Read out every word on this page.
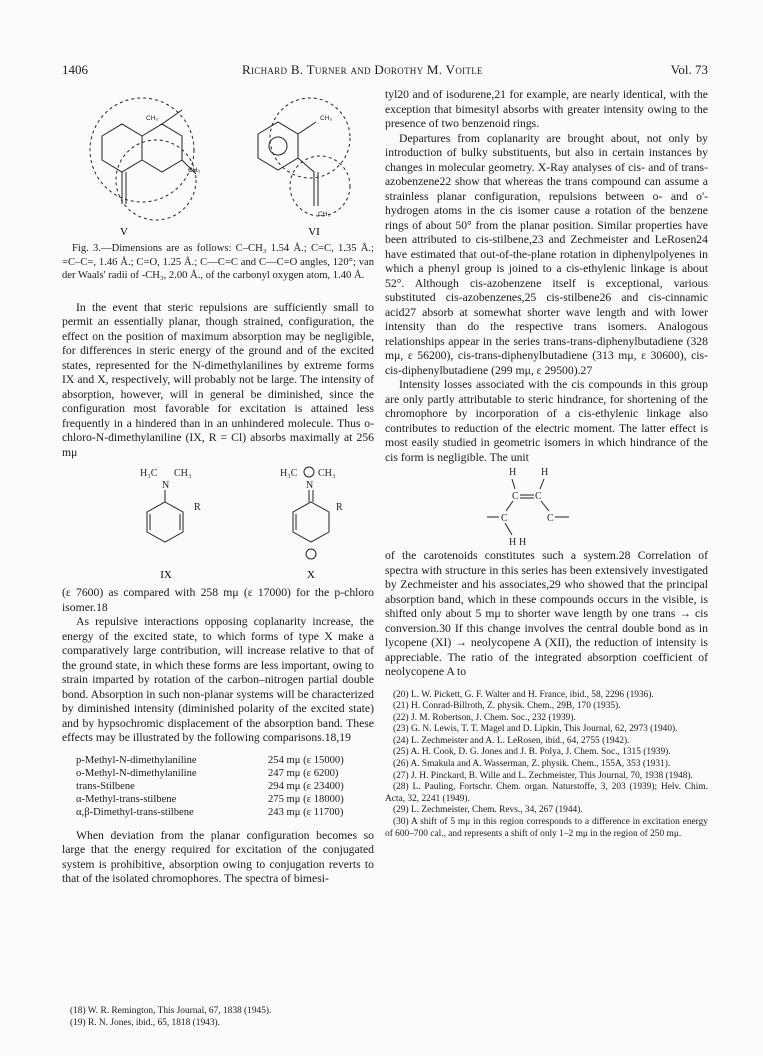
1406	Richard B. Turner and Dorothy M. Voitle	Vol. 73
CH₃
CH₃
CH₃
CH₃
V	VI

Fig. 3.—Dimensions are as follows: C–CH₃ 1.54 Å.; C=C, 1.35 Å.; =C–C=, 1.46 Å.; C=O, 1.25 Å.; C—C=C and C—C=O angles, 120°; van der Waals' radii of -CH₃, 2.00 Å., of the carbonyl oxygen atom, 1.40 Å.

In the event that steric repulsions are sufficiently small to permit an essentially planar, though strained, configuration, the effect on the position of maximum absorption may be negligible, for differences in steric energy of the ground and of the excited states, represented for the N-dimethylanilines by extreme forms IX and X, respectively, will probably not be large. The intensity of absorption, however, will in general be diminished, since the configuration most favorable for excitation is attained less frequently in a hindered than in an unhindered molecule. Thus o-chloro-N-dimethylaniline (IX, R = Cl) absorbs maximally at 256 mμ

H₃C CH₃
N
R
H₃C CH₃
N
R
IX	X

(ε 7600) as compared with 258 mμ (ε 17000) for the p-chloro isomer.18

As repulsive interactions opposing coplanarity increase, the energy of the excited state, to which forms of type X make a comparatively large contribution, will increase relative to that of the ground state, in which these forms are less important, owing to strain imparted by rotation of the carbon–nitrogen partial double bond. Absorption in such non-planar systems will be characterized by diminished intensity (diminished polarity of the excited state) and by hypsochromic displacement of the absorption band. These effects may be illustrated by the following comparisons.18,19

p-Methyl-N-dimethylaniline	254 mμ (ε 15000)
o-Methyl-N-dimethylaniline	247 mμ (ε 6200)
trans-Stilbene	294 mμ (ε 23400)
α-Methyl-trans-stilbene	275 mμ (ε 18000)
α,β-Dimethyl-trans-stilbene	243 mμ (ε 11700)

When deviation from the planar configuration becomes so large that the energy required for excitation of the conjugated system is prohibitive, absorption owing to conjugation reverts to that of the isolated chromophores. The spectra of bimesi-

(18) W. R. Remington, This Journal, 67, 1838 (1945).
(19) R. N. Jones, ibid., 65, 1818 (1943).

tyl20 and of isodurene,21 for example, are nearly identical, with the exception that bimesityl absorbs with greater intensity owing to the presence of two benzenoid rings.

Departures from coplanarity are brought about, not only by introduction of bulky substituents, but also in certain instances by changes in molecular geometry. X-Ray analyses of cis- and of trans-azobenzene22 show that whereas the trans compound can assume a strainless planar configuration, repulsions between o- and o'-hydrogen atoms in the cis isomer cause a rotation of the benzene rings of about 50° from the planar position. Similar properties have been attributed to cis-stilbene,23 and Zechmeister and LeRosen24 have estimated that out-of-the-plane rotation in diphenylpolyenes in which a phenyl group is joined to a cis-ethylenic linkage is about 52°. Although cis-azobenzene itself is exceptional, various substituted cis-azobenzenes,25 cis-stilbene26 and cis-cinnamic acid27 absorb at somewhat shorter wave length and with lower intensity than do the respective trans isomers. Analogous relationships appear in the series trans-trans-diphenylbutadiene (328 mμ, ε 56200), cis-trans-diphenylbutadiene (313 mμ, ε 30600), cis-cis-diphenylbutadiene (299 mμ, ε 29500).27

Intensity losses associated with the cis compounds in this group are only partly attributable to steric hindrance, for shortening of the chromophore by incorporation of a cis-ethylenic linkage also contributes to reduction of the electric moment. The latter effect is most easily studied in geometric isomers in which hindrance of the cis form is negligible. The unit

H H
C C
C	C
H H

of the carotenoids constitutes such a system.28 Correlation of spectra with structure in this series has been extensively investigated by Zechmeister and his associates,29 who showed that the principal absorption band, which in these compounds occurs in the visible, is shifted only about 5 mμ to shorter wave length by one trans → cis conversion.30 If this change involves the central double bond as in lycopene (XI) → neolycopene A (XII), the reduction of intensity is appreciable. The ratio of the integrated absorption coefficient of neolycopene A to

(20) L. W. Pickett, G. F. Walter and H. France, ibid., 58, 2296 (1936).
(21) H. Conrad-Billroth, Z. physik. Chem., 29B, 170 (1935).
(22) J. M. Robertson, J. Chem. Soc., 232 (1939).
(23) G. N. Lewis, T. T. Magel and D. Lipkin, This Journal, 62, 2973 (1940).
(24) L. Zechmeister and A. L. LeRosen, ibid., 64, 2755 (1942).
(25) A. H. Cook, D. G. Jones and J. B. Polya, J. Chem. Soc., 1315 (1939).
(26) A. Smakula and A. Wasserman, Z. physik. Chem., 155A, 353 (1931).
(27) J. H. Pinckard, B. Wille and L. Zechmeister, This Journal, 70, 1938 (1948).
(28) L. Pauling, Fortschr. Chem. organ. Naturstoffe, 3, 203 (1939); Helv. Chim. Acta, 32, 2241 (1949).
(29) L. Zechmeister, Chem. Revs., 34, 267 (1944).
(30) A shift of 5 mμ in this region corresponds to a difference in excitation energy of 600–700 cal., and represents a shift of only 1–2 mμ in the region of 250 mμ.
